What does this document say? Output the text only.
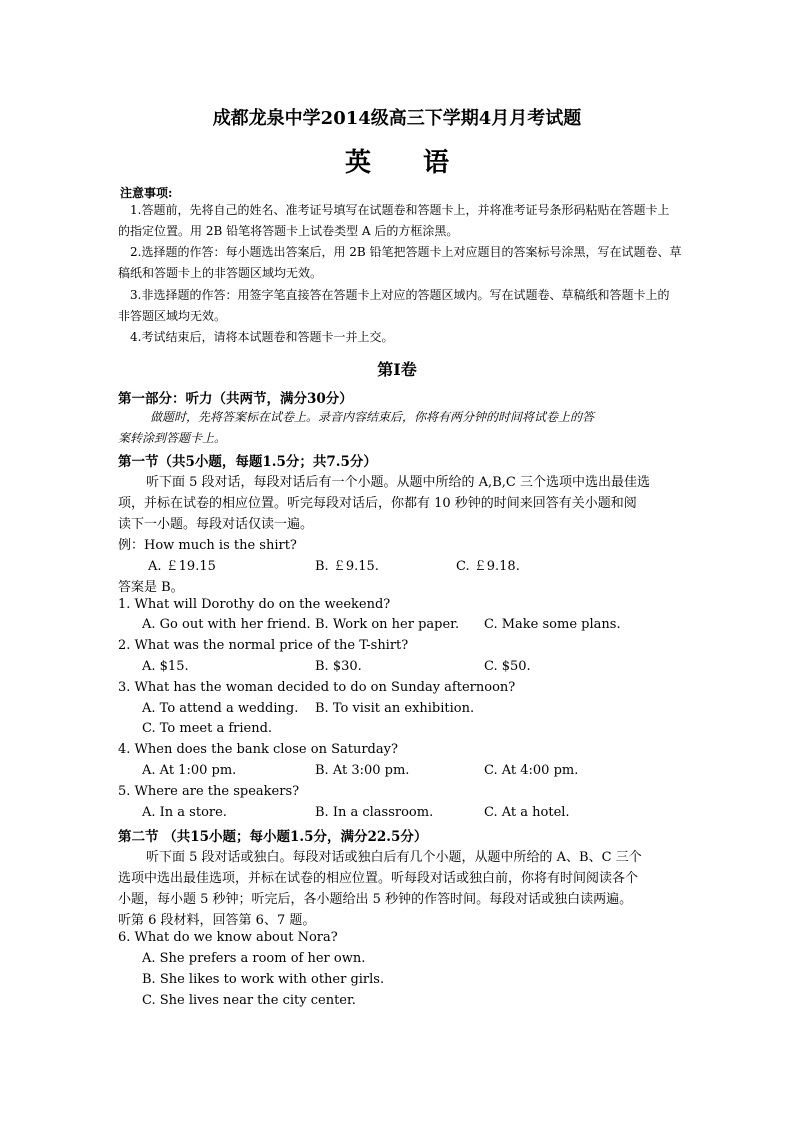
成都龙泉中学2014级高三下学期4月月考试题
英语
注意事项:
1.答题前，先将自己的姓名、准考证号填写在试题卷和答题卡上，并将准考证号条形码粘贴在答题卡上
的指定位置。用 2B 铅笔将答题卡上试卷类型 A 后的方框涂黑。
2.选择题的作答：每小题选出答案后，用 2B 铅笔把答题卡上对应题目的答案标号涂黑，写在试题卷、草
稿纸和答题卡上的非答题区域均无效。
3.非选择题的作答：用签字笔直接答在答题卡上对应的答题区域内。写在试题卷、草稿纸和答题卡上的
非答题区域均无效。
4.考试结束后，请将本试题卷和答题卡一并上交。
第Ⅰ卷
第一部分：听力（共两节，满分30分）
做题时，先将答案标在试卷上。录音内容结束后，你将有两分钟的时间将试卷上的答
案转涂到答题卡上。
第一节（共5小题，每题1.5分；共7.5分）
听下面 5 段对话，每段对话后有一个小题。从题中所给的 A,B,C 三个选项中选出最佳选
项，并标在试卷的相应位置。听完每段对话后，你都有 10 秒钟的时间来回答有关小题和阅
读下一小题。每段对话仅读一遍。
例：How much is the shirt?
A. ￡19.15	B. ￡9.15.	C. ￡9.18.
答案是 B。
1. What will Dorothy do on the weekend?
A. Go out with her friend. B. Work on her paper. C. Make some plans.
2. What was the normal price of the T-shirt?
A. $15.	B. $30.	C. $50.
3. What has the woman decided to do on Sunday afternoon?
A. To attend a wedding. B. To visit an exhibition.
C. To meet a friend.
4. When does the bank close on Saturday?
A. At 1:00 pm.	B. At 3:00 pm.	C. At 4:00 pm.
5. Where are the speakers?
A. In a store.	B. In a classroom.	C. At a hotel.
第二节 （共15小题；每小题1.5分，满分22.5分）
听下面 5 段对话或独白。每段对话或独白后有几个小题，从题中所给的 A、B、C 三个
选项中选出最佳选项，并标在试卷的相应位置。听每段对话或独白前，你将有时间阅读各个
小题，每小题 5 秒钟；听完后，各小题给出 5 秒钟的作答时间。每段对话或独白读两遍。
听第 6 段材料，回答第 6、7 题。
6. What do we know about Nora?
A. She prefers a room of her own.
B. She likes to work with other girls.
C. She lives near the city center.
